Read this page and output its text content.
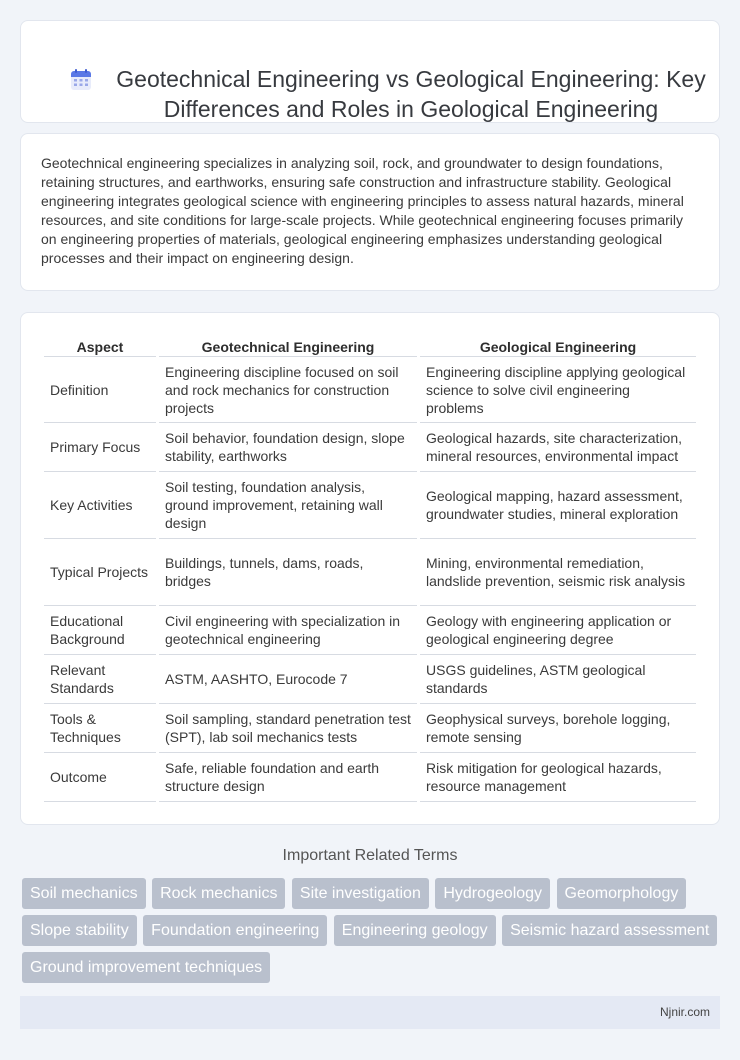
Geotechnical Engineering vs Geological Engineering: Key Differences and Roles in Geological Engineering

Geotechnical engineering specializes in analyzing soil, rock, and groundwater to design foundations, retaining structures, and earthworks, ensuring safe construction and infrastructure stability. Geological engineering integrates geological science with engineering principles to assess natural hazards, mineral resources, and site conditions for large-scale projects. While geotechnical engineering focuses primarily on engineering properties of materials, geological engineering emphasizes understanding geological processes and their impact on engineering design.

Aspect	Geotechnical Engineering	Geological Engineering
Definition	Engineering discipline focused on soil and rock mechanics for construction projects	Engineering discipline applying geological science to solve civil engineering problems
Primary Focus	Soil behavior, foundation design, slope stability, earthworks	Geological hazards, site characterization, mineral resources, environmental impact
Key Activities	Soil testing, foundation analysis, ground improvement, retaining wall design	Geological mapping, hazard assessment, groundwater studies, mineral exploration
Typical Projects	Buildings, tunnels, dams, roads, bridges	Mining, environmental remediation, landslide prevention, seismic risk analysis
Educational Background	Civil engineering with specialization in geotechnical engineering	Geology with engineering application or geological engineering degree
Relevant Standards	ASTM, AASHTO, Eurocode 7	USGS guidelines, ASTM geological standards
Tools & Techniques	Soil sampling, standard penetration test (SPT), lab soil mechanics tests	Geophysical surveys, borehole logging, remote sensing
Outcome	Safe, reliable foundation and earth structure design	Risk mitigation for geological hazards, resource management
Important Related Terms
Soil mechanics Rock mechanics Site investigation Hydrogeology Geomorphology Slope stability Foundation engineering Engineering geology Seismic hazard assessment Ground improvement techniques
Njnir.com
